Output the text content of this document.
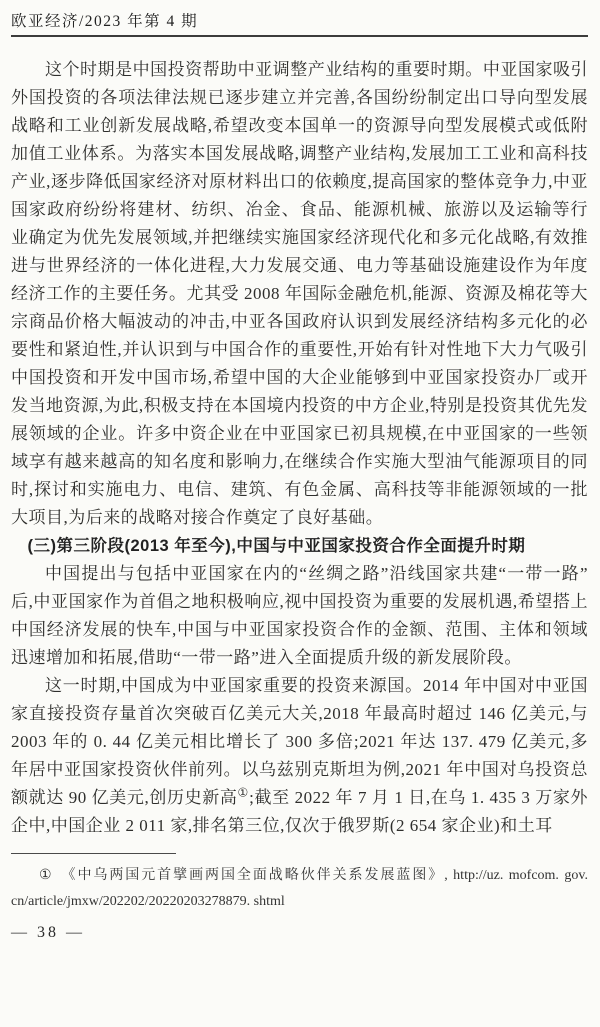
欧亚经济/2023 年第 4 期

这个时期是中国投资帮助中亚调整产业结构的重要时期。中亚国家吸引外国投资的各项法律法规已逐步建立并完善,各国纷纷制定出口导向型发展战略和工业创新发展战略,希望改变本国单一的资源导向型发展模式或低附加值工业体系。为落实本国发展战略,调整产业结构,发展加工工业和高科技产业,逐步降低国家经济对原材料出口的依赖度,提高国家的整体竞争力,中亚国家政府纷纷将建材、纺织、冶金、食品、能源机械、旅游以及运输等行业确定为优先发展领域,并把继续实施国家经济现代化和多元化战略,有效推进与世界经济的一体化进程,大力发展交通、电力等基础设施建设作为年度经济工作的主要任务。尤其受 2008 年国际金融危机,能源、资源及棉花等大宗商品价格大幅波动的冲击,中亚各国政府认识到发展经济结构多元化的必要性和紧迫性,并认识到与中国合作的重要性,开始有针对性地下大力气吸引中国投资和开发中国市场,希望中国的大企业能够到中亚国家投资办厂或开发当地资源,为此,积极支持在本国境内投资的中方企业,特别是投资其优先发展领域的企业。许多中资企业在中亚国家已初具规模,在中亚国家的一些领域享有越来越高的知名度和影响力,在继续合作实施大型油气能源项目的同时,探讨和实施电力、电信、建筑、有色金属、高科技等非能源领域的一批大项目,为后来的战略对接合作奠定了良好基础。

(三)第三阶段(2013 年至今),中国与中亚国家投资合作全面提升时期

中国提出与包括中亚国家在内的“丝绸之路”沿线国家共建“一带一路”后,中亚国家作为首倡之地积极响应,视中国投资为重要的发展机遇,希望搭上中国经济发展的快车,中国与中亚国家投资合作的金额、范围、主体和领域迅速增加和拓展,借助“一带一路”进入全面提质升级的新发展阶段。

这一时期,中国成为中亚国家重要的投资来源国。2014 年中国对中亚国家直接投资存量首次突破百亿美元大关,2018 年最高时超过 146 亿美元,与 2003 年的 0. 44 亿美元相比增长了 300 多倍;2021 年达 137. 479 亿美元,多年居中亚国家投资伙伴前列。以乌兹别克斯坦为例,2021 年中国对乌投资总额就达 90 亿美元,创历史新高①;截至 2022 年 7 月 1 日,在乌 1. 435 3 万家外企中,中国企业 2 011 家,排名第三位,仅次于俄罗斯(2 654 家企业)和土耳

① 《中乌两国元首擘画两国全面战略伙伴关系发展蓝图》, http://uz. mofcom. gov. cn/article/jmxw/202202/20220203278879. shtml

— 38 —
